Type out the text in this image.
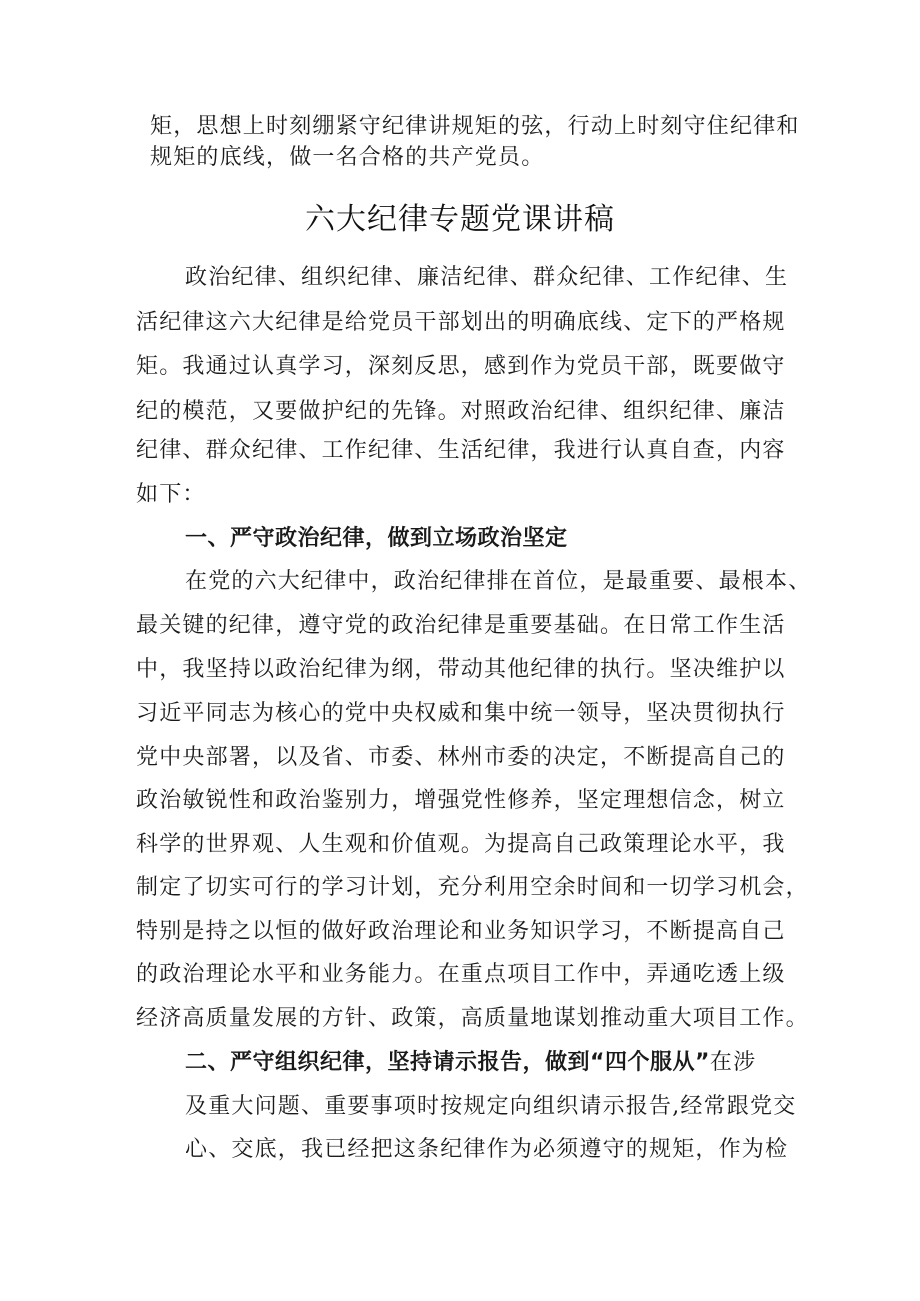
矩，思想上时刻绷紧守纪律讲规矩的弦，行动上时刻守住纪律和
规矩的底线，做一名合格的共产党员。
六大纪律专题党课讲稿
政治纪律、组织纪律、廉洁纪律、群众纪律、工作纪律、生
活纪律这六大纪律是给党员干部划出的明确底线、定下的严格规
矩。我通过认真学习，深刻反思，感到作为党员干部，既要做守
纪的模范，又要做护纪的先锋。对照政治纪律、组织纪律、廉洁
纪律、群众纪律、工作纪律、生活纪律，我进行认真自查，内容
如下：
一、严守政治纪律，做到立场政治坚定
在党的六大纪律中，政治纪律排在首位，是最重要、最根本、
最关键的纪律，遵守党的政治纪律是重要基础。在日常工作生活
中，我坚持以政治纪律为纲，带动其他纪律的执行。坚决维护以
习近平同志为核心的党中央权威和集中统一领导，坚决贯彻执行
党中央部署，以及省、市委、林州市委的决定，不断提高自己的
政治敏锐性和政治鉴别力，增强党性修养，坚定理想信念，树立
科学的世界观、人生观和价值观。为提高自己政策理论水平，我
制定了切实可行的学习计划，充分利用空余时间和一切学习机会，
特别是持之以恒的做好政治理论和业务知识学习，不断提高自己
的政治理论水平和业务能力。在重点项目工作中，弄通吃透上级
经济高质量发展的方针、政策，高质量地谋划推动重大项目工作。
二、严守组织纪律，坚持请示报告，做到“四个服从”在涉
及重大问题、重要事项时按规定向组织请示报告,经常跟党交
心、交底，我已经把这条纪律作为必须遵守的规矩，作为检
